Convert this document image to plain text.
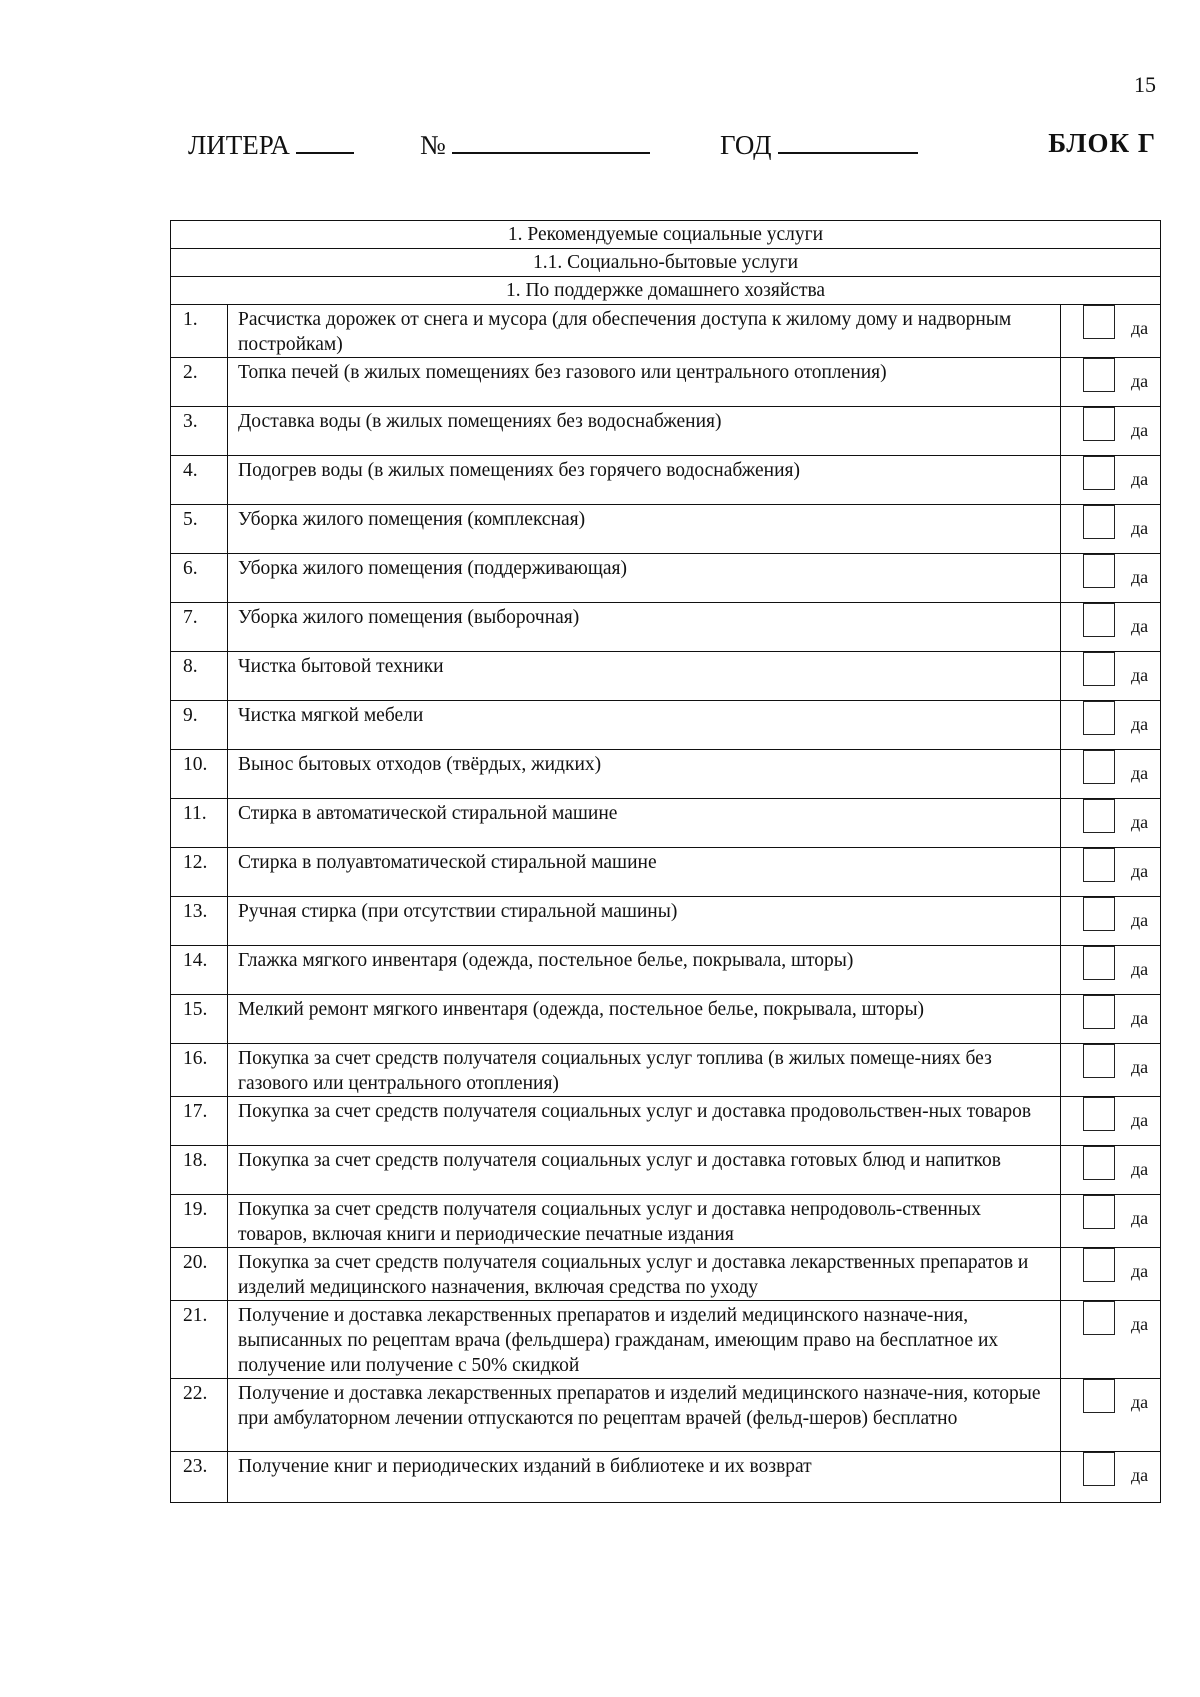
15
ЛИТЕРА	№	ГОД	БЛОК Г
1. Рекомендуемые социальные услуги		
1.1. Социально-бытовые услуги		
1. По поддержке домашнего хозяйства		
1.	Расчистка дорожек от снега и мусора (для обеспечения доступа к жилому дому и надворным постройкам)	да
2.	Топка печей (в жилых помещениях без газового или центрального отопления)	да
3.	Доставка воды (в жилых помещениях без водоснабжения)	да
4.	Подогрев воды (в жилых помещениях без горячего водоснабжения)	да
5.	Уборка жилого помещения (комплексная)	да
6.	Уборка жилого помещения (поддерживающая)	да
7.	Уборка жилого помещения (выборочная)	да
8.	Чистка бытовой техники	да
9.	Чистка мягкой мебели	да
10.	Вынос бытовых отходов (твёрдых, жидких)	да
11.	Стирка в автоматической стиральной машине	да
12.	Стирка в полуавтоматической стиральной машине	да
13.	Ручная стирка (при отсутствии стиральной машины)	да
14.	Глажка мягкого инвентаря (одежда, постельное белье, покрывала, шторы)	да
15.	Мелкий ремонт мягкого инвентаря (одежда, постельное белье, покрывала, шторы)	да
16.	Покупка за счет средств получателя социальных услуг топлива (в жилых помеще-ниях без газового или центрального отопления)	да
17.	Покупка за счет средств получателя социальных услуг и доставка продовольствен-ных товаров	да
18.	Покупка за счет средств получателя социальных услуг и доставка готовых блюд и напитков	да
19.	Покупка за счет средств получателя социальных услуг и доставка непродоволь-ственных товаров, включая книги и периодические печатные издания	да
20.	Покупка за счет средств получателя социальных услуг и доставка лекарственных препаратов и изделий медицинского назначения, включая средства по уходу	да
21.	Получение и доставка лекарственных препаратов и изделий медицинского назначе-ния, выписанных по рецептам врача (фельдшера) гражданам, имеющим право на бесплатное их получение или получение с 50% скидкой	да
22.	Получение и доставка лекарственных препаратов и изделий медицинского назначе-ния, которые при амбулаторном лечении отпускаются по рецептам врачей (фельд-шеров) бесплатно	да
23.	Получение книг и периодических изданий в библиотеке и их возврат	да
